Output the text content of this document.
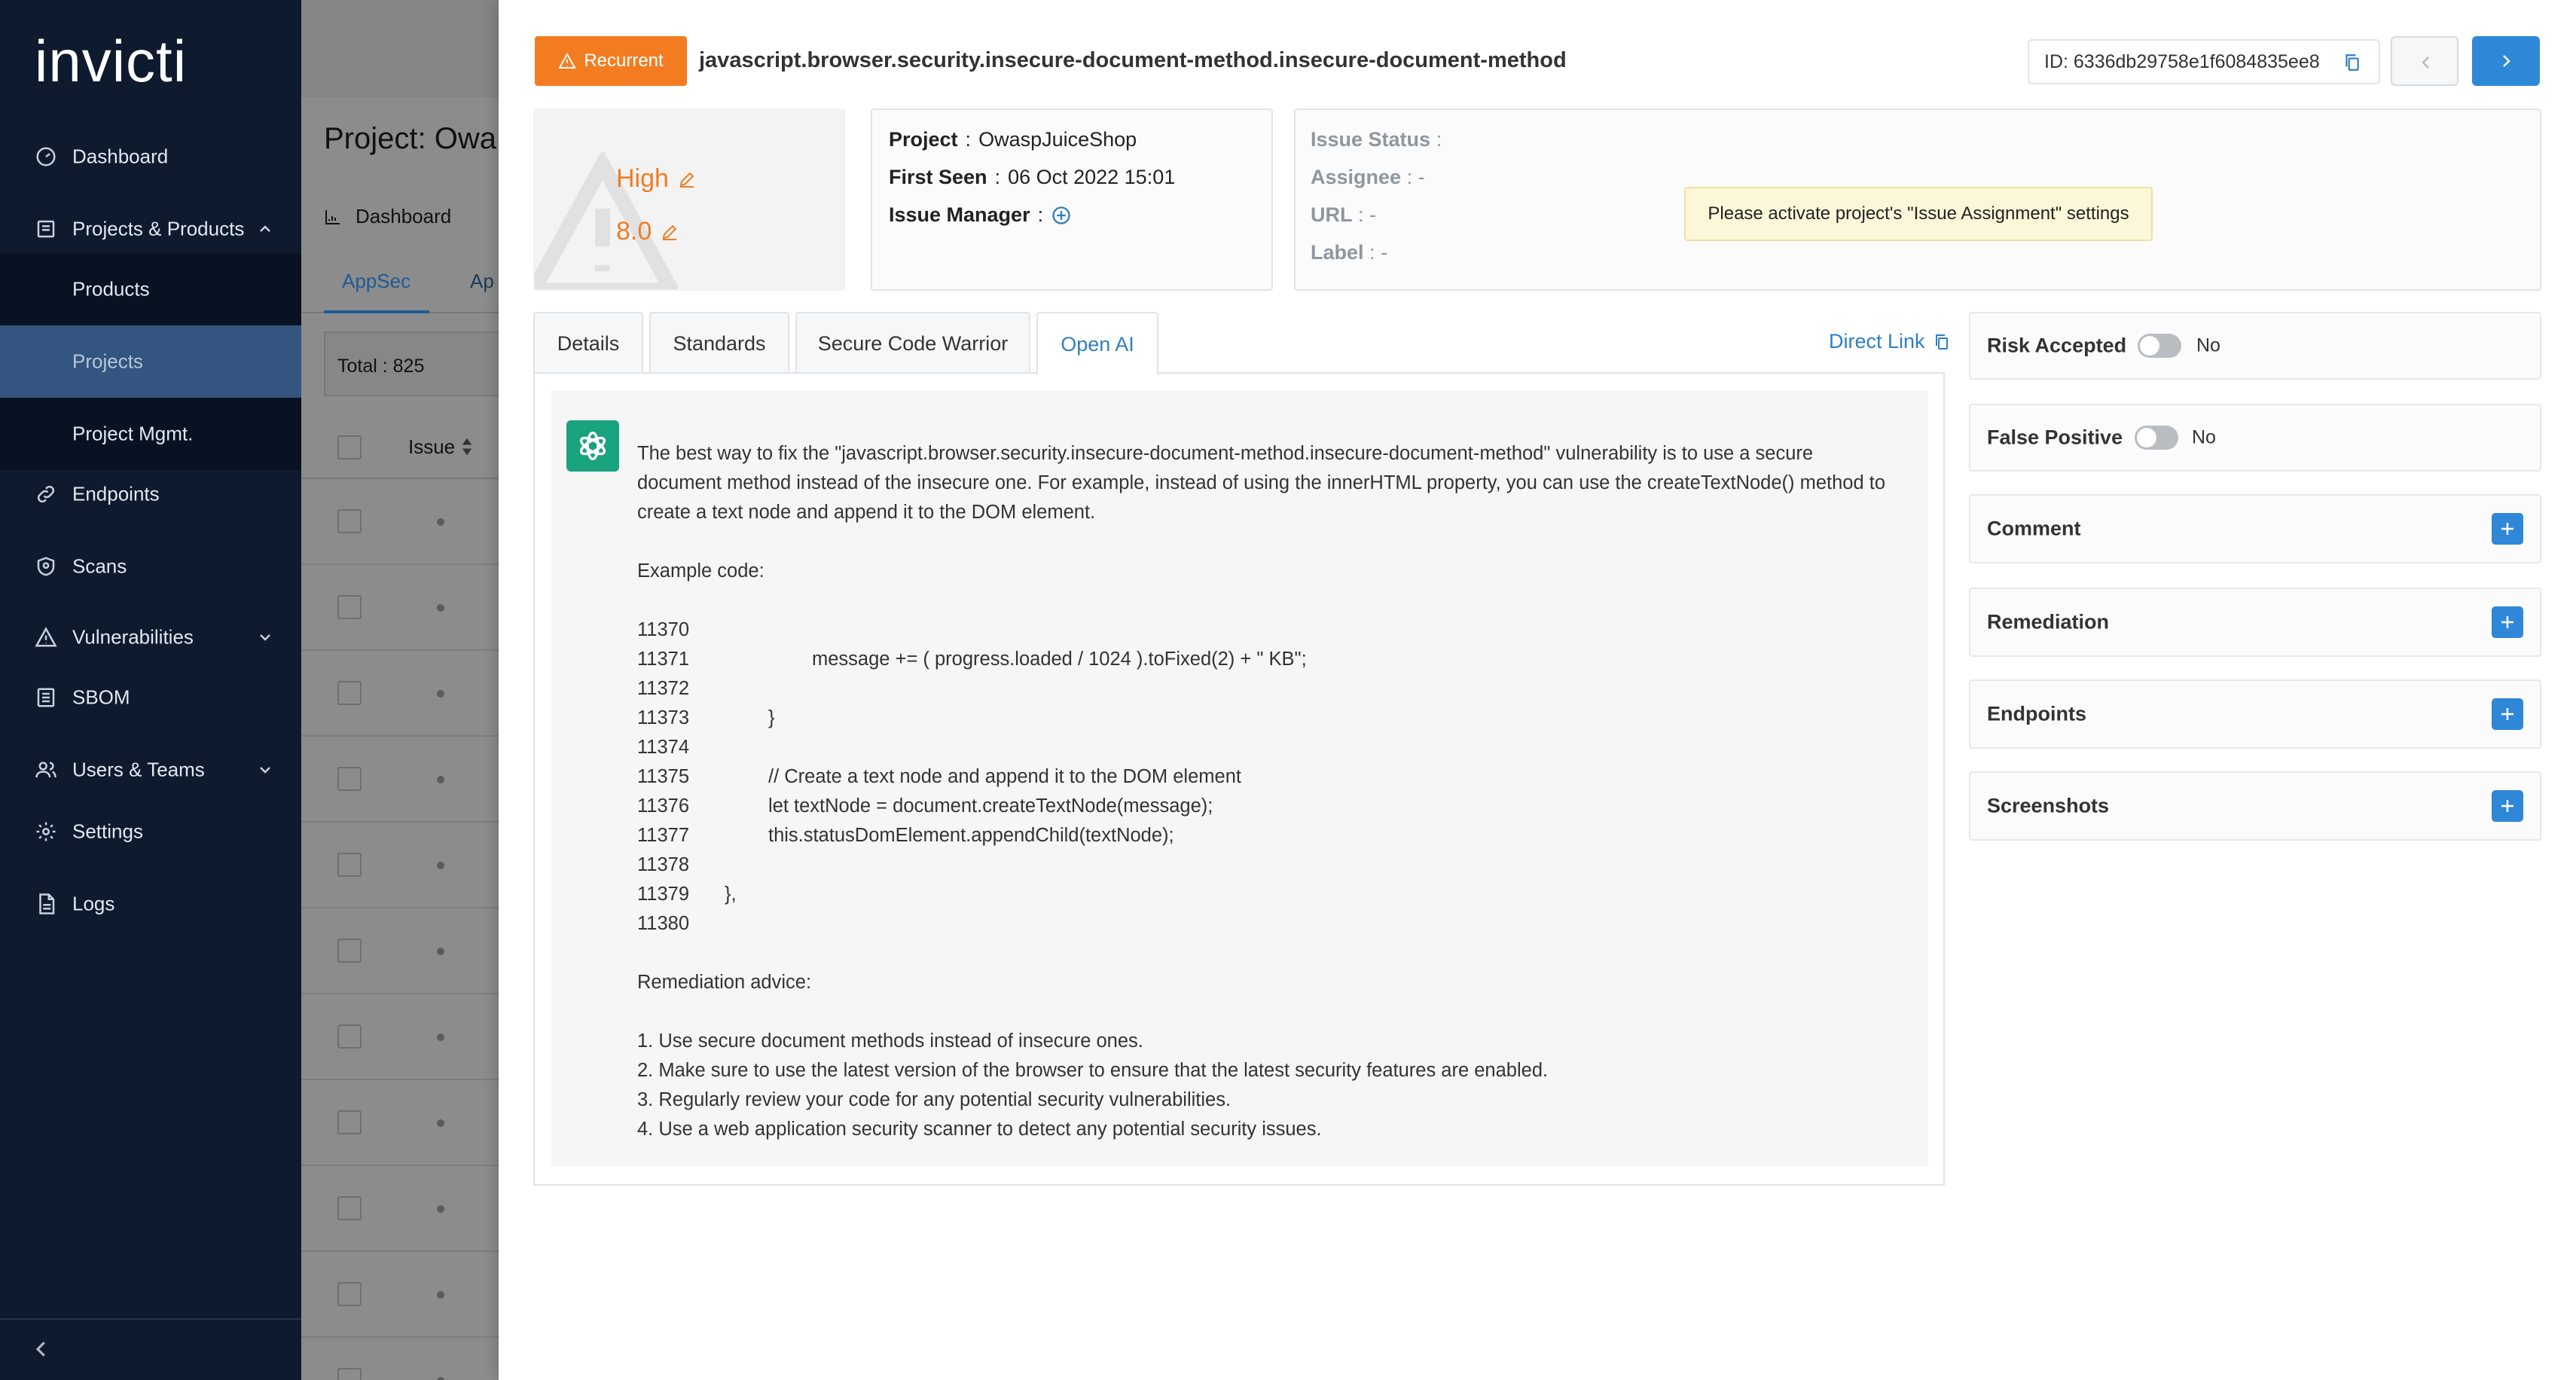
invicti
Dashboard
Projects & Products
Products
Projects
Project Mgmt.
Endpoints
Scans
Vulnerabilities
SBOM
Users & Teams
Settings
Logs
Project: Owa
Dashboard
AppSec	Ap
Total : 825
Issue
Recurrent javascript.browser.security.insecure-document-method.insecure-document-method	ID: 6336db29758e1f6084835ee8
High
8.0
Project : OwaspJuiceShop
First Seen : 06 Oct 2022 15:01
Issue Manager :
Issue Status :
Assignee : -
URL : -
Label : -
Please activate project's "Issue Assignment" settings
Details	Standards	Secure Code Warrior	Open AI	Direct Link
The best way to fix the "javascript.browser.security.insecure-document-method.insecure-document-method" vulnerability is to use a secure
document method instead of the insecure one. For example, instead of using the innerHTML property, you can use the createTextNode() method to
create a text node and append it to the DOM element.
Example code:
11370
11371	message += ( progress.loaded / 1024 ).toFixed(2) + " KB";
11372
11373	}
11374
11375	// Create a text node and append it to the DOM element
11376	let textNode = document.createTextNode(message);
11377	this.statusDomElement.appendChild(textNode);
11378
11379 },
11380
Remediation advice:
1. Use secure document methods instead of insecure ones.
2. Make sure to use the latest version of the browser to ensure that the latest security features are enabled.
3. Regularly review your code for any potential security vulnerabilities.
4. Use a web application security scanner to detect any potential security issues.
Risk Accepted	No
False Positive	No
Comment
Remediation
Endpoints
Screenshots
